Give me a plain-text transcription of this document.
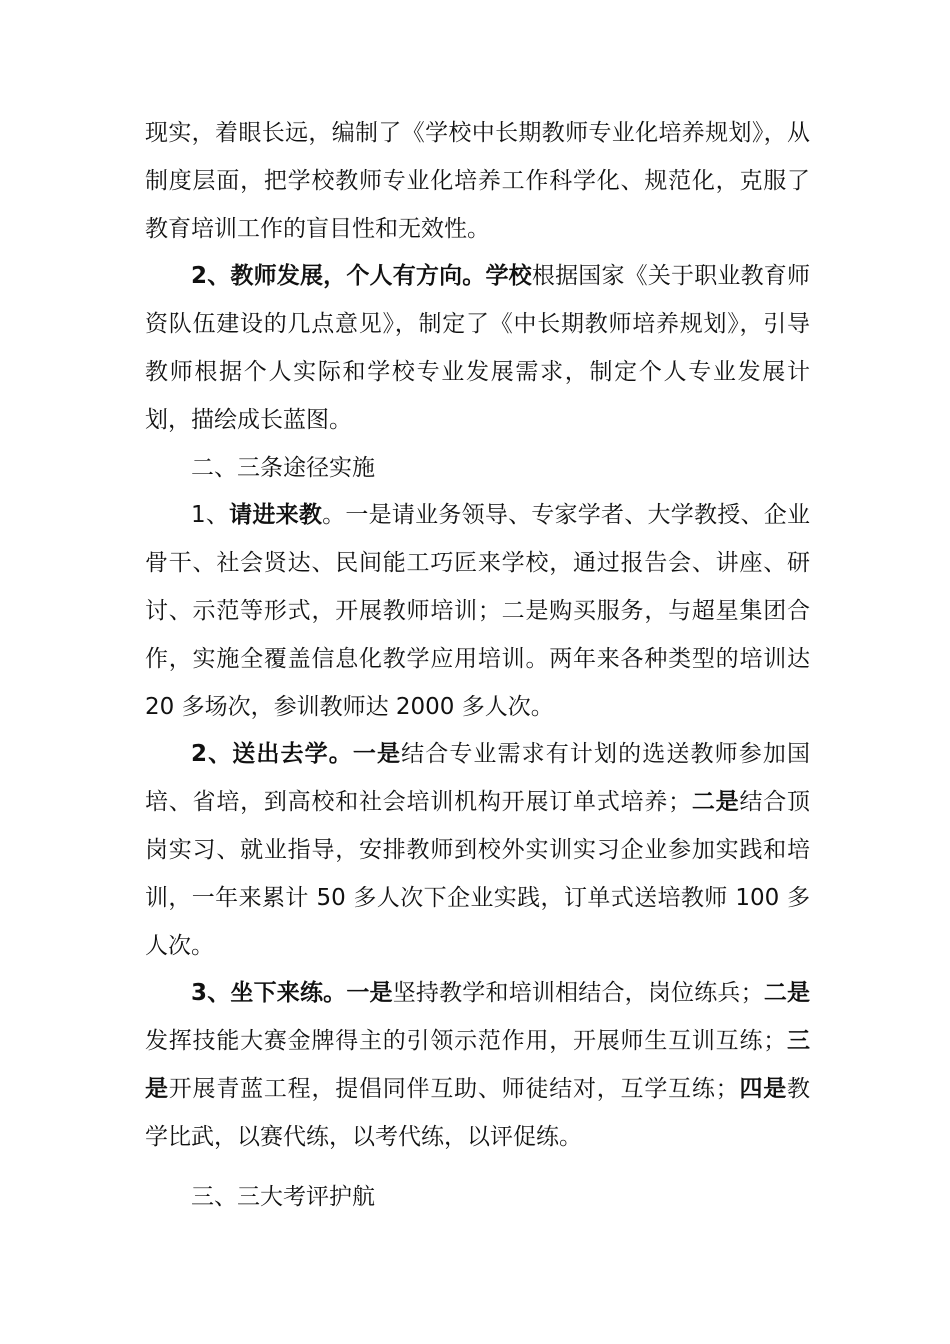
现实，着眼长远，编制了《学校中长期教师专业化培养规划》，从制度层面，把学校教师专业化培养工作科学化、规范化，克服了教育培训工作的盲目性和无效性。

2、教师发展，个人有方向。学校根据国家《关于职业教育师资队伍建设的几点意见》，制定了《中长期教师培养规划》，引导教师根据个人实际和学校专业发展需求，制定个人专业发展计划，描绘成长蓝图。

二、三条途径实施

1、请进来教。一是请业务领导、专家学者、大学教授、企业骨干、社会贤达、民间能工巧匠来学校，通过报告会、讲座、研讨、示范等形式，开展教师培训；二是购买服务，与超星集团合作，实施全覆盖信息化教学应用培训。两年来各种类型的培训达 20 多场次，参训教师达 2000 多人次。

2、送出去学。一是结合专业需求有计划的选送教师参加国培、省培，到高校和社会培训机构开展订单式培养；二是结合顶岗实习、就业指导，安排教师到校外实训实习企业参加实践和培训，一年来累计 50 多人次下企业实践，订单式送培教师 100 多人次。

3、坐下来练。一是坚持教学和培训相结合，岗位练兵；二是发挥技能大赛金牌得主的引领示范作用，开展师生互训互练；三是开展青蓝工程，提倡同伴互助、师徒结对，互学互练；四是教学比武，以赛代练，以考代练，以评促练。

三、三大考评护航
